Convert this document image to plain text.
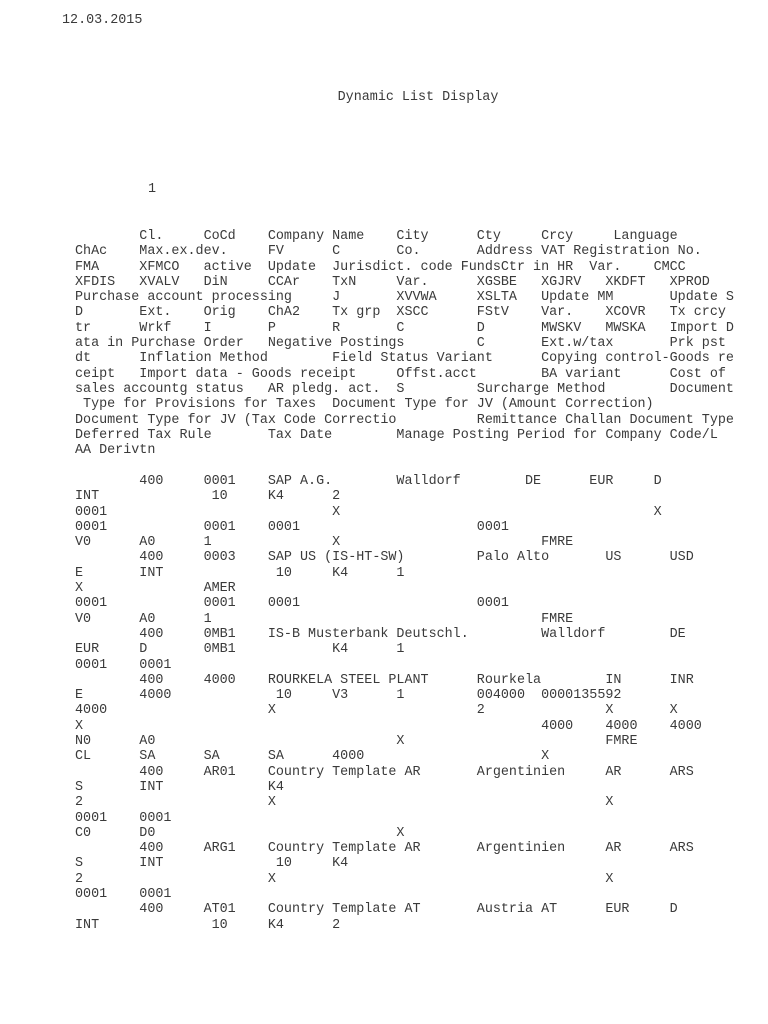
12.03.2015
Dynamic List Display
1
Cl.     CoCd    Company Name    City      Cty     Crcy     Language
ChAc    Max.ex.dev.     FV      C       Co.       Address VAT Registration No.
FMA     XFMCO   active  Update  Jurisdict. code FundsCtr in HR  Var.    CMCC
XFDIS   XVALV   DiN     CCAr    TxN     Var.      XGSBE   XGJRV   XKDFT   XPROD
Purchase account processing     J       XVVWA     XSLTA   Update MM       Update S
D       Ext.    Orig    ChA2    Tx grp  XSCC      FStV    Var.    XCOVR   Tx crcy
tr      Wrkf    I       P       R       C         D       MWSKV   MWSKA   Import D
ata in Purchase Order   Negative Postings         C       Ext.w/tax       Prk pst
dt      Inflation Method        Field Status Variant      Copying control-Goods re
ceipt   Import data - Goods receipt     Offst.acct        BA variant      Cost of
sales accountg status   AR pledg. act.  S         Surcharge Method        Document
Type for Provisions for Taxes  Document Type for JV (Amount Correction)
Document Type for JV (Tax Code Correctio          Remittance Challan Document Type
Deferred Tax Rule       Tax Date        Manage Posting Period for Company Code/L
AA Derivtn
400     0001    SAP A.G.        Walldorf        DE      EUR     D
INT              10     K4      2
0001                            X                                       X
0001            0001    0001                      0001
V0      A0      1               X                         FMRE
400     0003    SAP US (IS-HT-SW)         Palo Alto       US      USD
E       INT              10     K4      1
X               AMER
0001            0001    0001                      0001
V0      A0      1                                         FMRE
400     0MB1    IS-B Musterbank Deutschl.         Walldorf        DE
EUR     D       0MB1            K4      1
0001    0001
400     4000    ROURKELA STEEL PLANT      Rourkela        IN      INR
E       4000             10     V3      1         004000  0000135592
4000                    X                         2               X       X
X                                                         4000    4000    4000
N0      A0                              X                         FMRE
CL      SA      SA      SA      4000                      X
400     AR01    Country Template AR       Argentinien     AR      ARS
S       INT             K4
2                       X                                         X
0001    0001
C0      D0                              X
400     ARG1    Country Template AR       Argentinien     AR      ARS
S       INT              10     K4
2                       X                                         X
0001    0001
400     AT01    Country Template AT       Austria AT      EUR     D
INT              10     K4      2
